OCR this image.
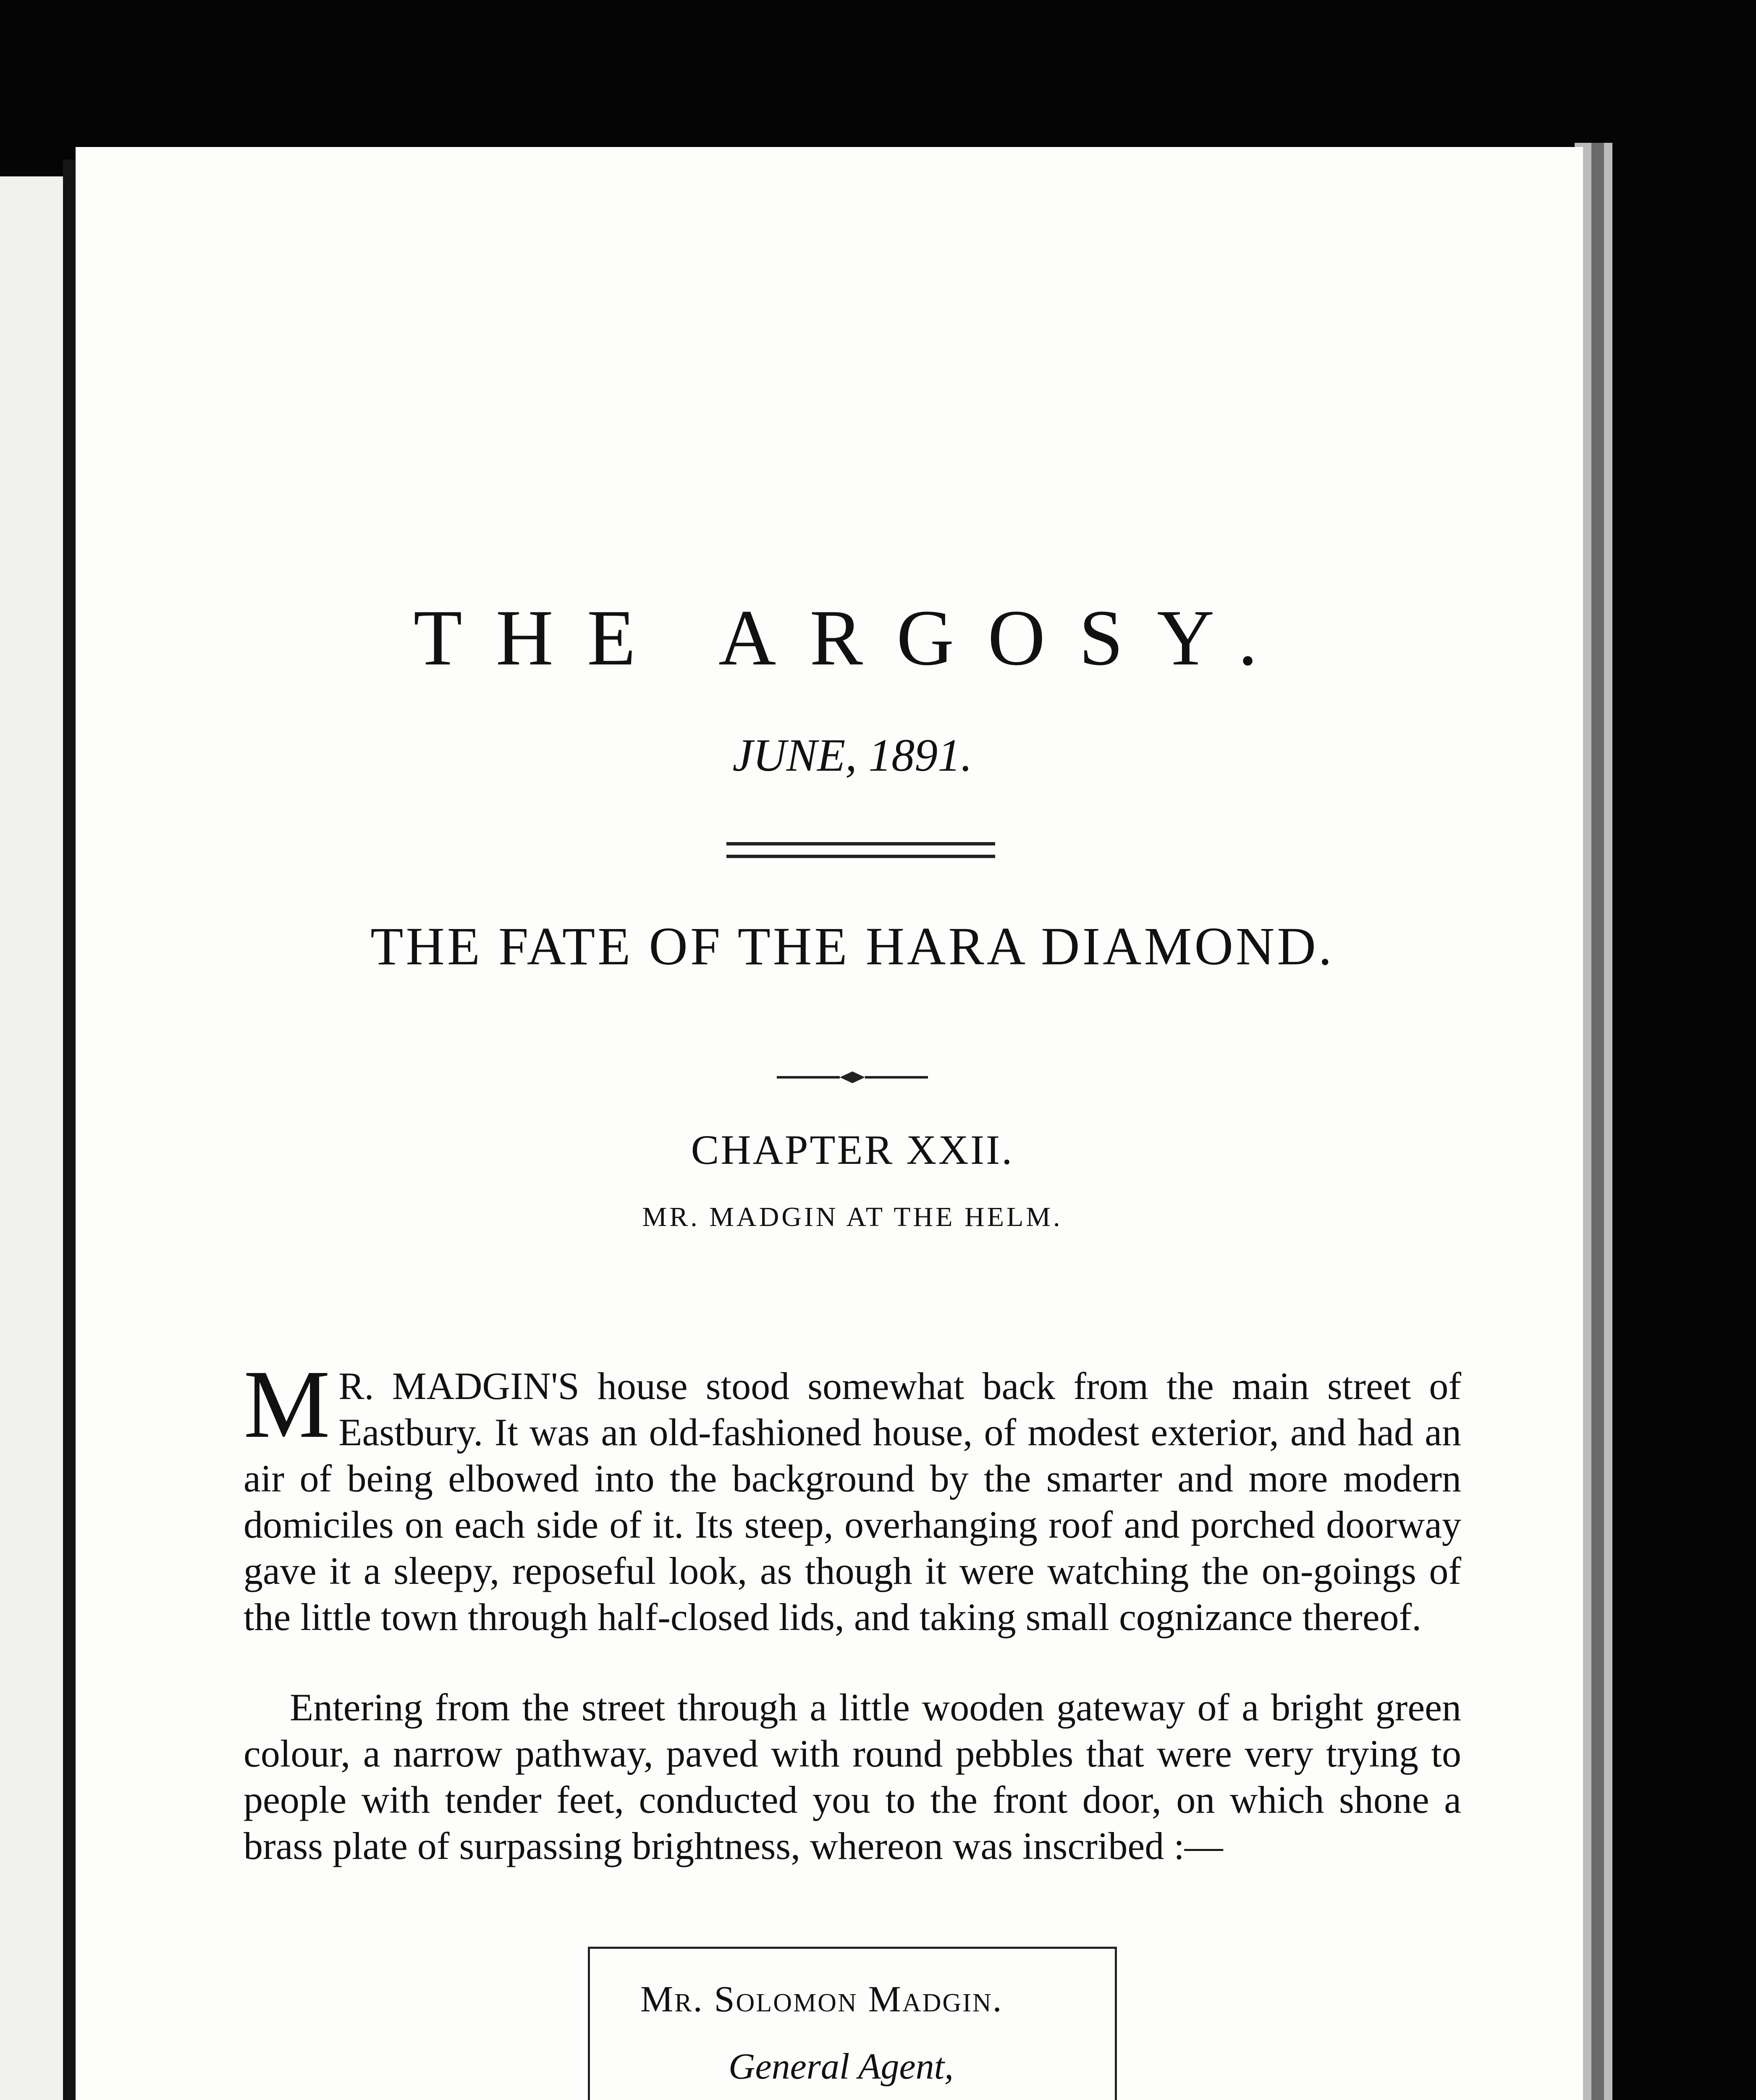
THE ARGOSY.
JUNE, 1891.
THE FATE OF THE HARA DIAMOND.
CHAPTER XXII.
MR. MADGIN AT THE HELM.
M R. MADGIN'S house stood somewhat back from the main street of Eastbury. It was an old-fashioned house, of modest exterior, and had an air of being elbowed into the background by the smarter and more modern domiciles on each side of it. Its steep, overhanging roof and porched doorway gave it a sleepy, reposeful look, as though it were watching the on-goings of the little town through half-closed lids, and taking small cognizance thereof.
Entering from the street through a little wooden gateway of a bright green colour, a narrow pathway, paved with round pebbles that were very trying to people with tender feet, conducted you to the front door, on which shone a brass plate of surpassing brightness, whereon was inscribed :—
Mr. Solomon Madgin.
General Agent,
